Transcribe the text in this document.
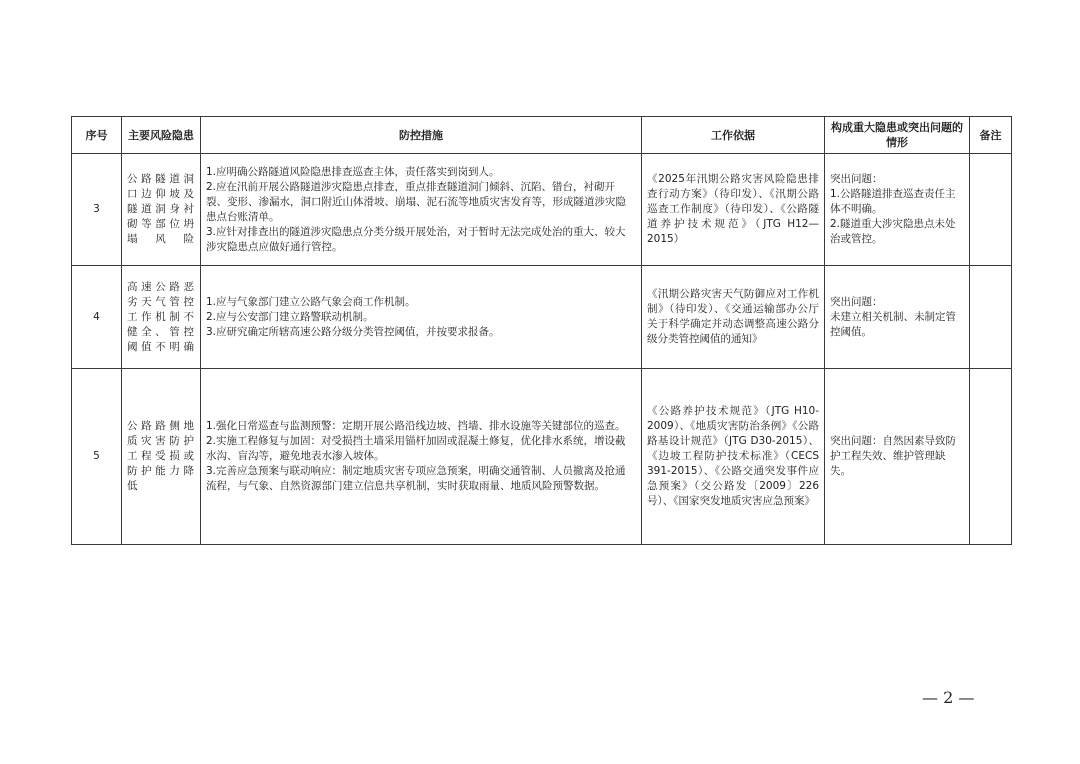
序号	主要风险隐患	防控措施	工作依据	构成重大隐患或突出问题的情形	备注
3	公路隧道洞口边仰坡及隧道洞身衬砌等部位坍塌风险	1.应明确公路隧道风险隐患排查巡查主体，责任落实到岗到人。
2.应在汛前开展公路隧道涉灾隐患点排查，重点排查隧道洞门倾斜、沉陷、错台，衬砌开裂、变形、渗漏水，洞口附近山体滑坡、崩塌、泥石流等地质灾害发育等，形成隧道涉灾隐患点台账清单。
3.应针对排查出的隧道涉灾隐患点分类分级开展处治，对于暂时无法完成处治的重大、较大涉灾隐患点应做好通行管控。	《2025年汛期公路灾害风险隐患排查行动方案》（待印发）、《汛期公路巡查工作制度》（待印发）、《公路隧道养护技术规范》（JTG H12—2015）	突出问题：
1.公路隧道排查巡查责任主体不明确。
2.隧道重大涉灾隐患点未处治或管控。	

4	高速公路恶劣天气管控工作机制不健全、管控阈值不明确	1.应与气象部门建立公路气象会商工作机制。
2.应与公安部门建立路警联动机制。
3.应研究确定所辖高速公路分级分类管控阈值，并按要求报备。	《汛期公路灾害天气防御应对工作机制》（待印发）、《交通运输部办公厅关于科学确定并动态调整高速公路分级分类管控阈值的通知》	突出问题：
未建立相关机制、未制定管控阈值。	

5	公路路侧地质灾害防护工程受损或防护能力降低	1.强化日常巡查与监测预警：定期开展公路沿线边坡、挡墙、排水设施等关键部位的巡查。
2.实施工程修复与加固：对受损挡土墙采用锚杆加固或混凝土修复，优化排水系统，增设截水沟、盲沟等，避免地表水渗入坡体。
3.完善应急预案与联动响应：制定地质灾害专项应急预案，明确交通管制、人员撤离及抢通流程，与气象、自然资源部门建立信息共享机制，实时获取雨量、地质风险预警数据。	《公路养护技术规范》（JTG H10-2009）、《地质灾害防治条例》《公路路基设计规范》（JTG D30-2015）、《边坡工程防护技术标准》（CECS 391-2015）、《公路交通突发事件应急预案》（交公路发〔2009〕226号）、《国家突发地质灾害应急预案》	突出问题：自然因素导致防护工程失效、维护管理缺失。	

— 2 —
